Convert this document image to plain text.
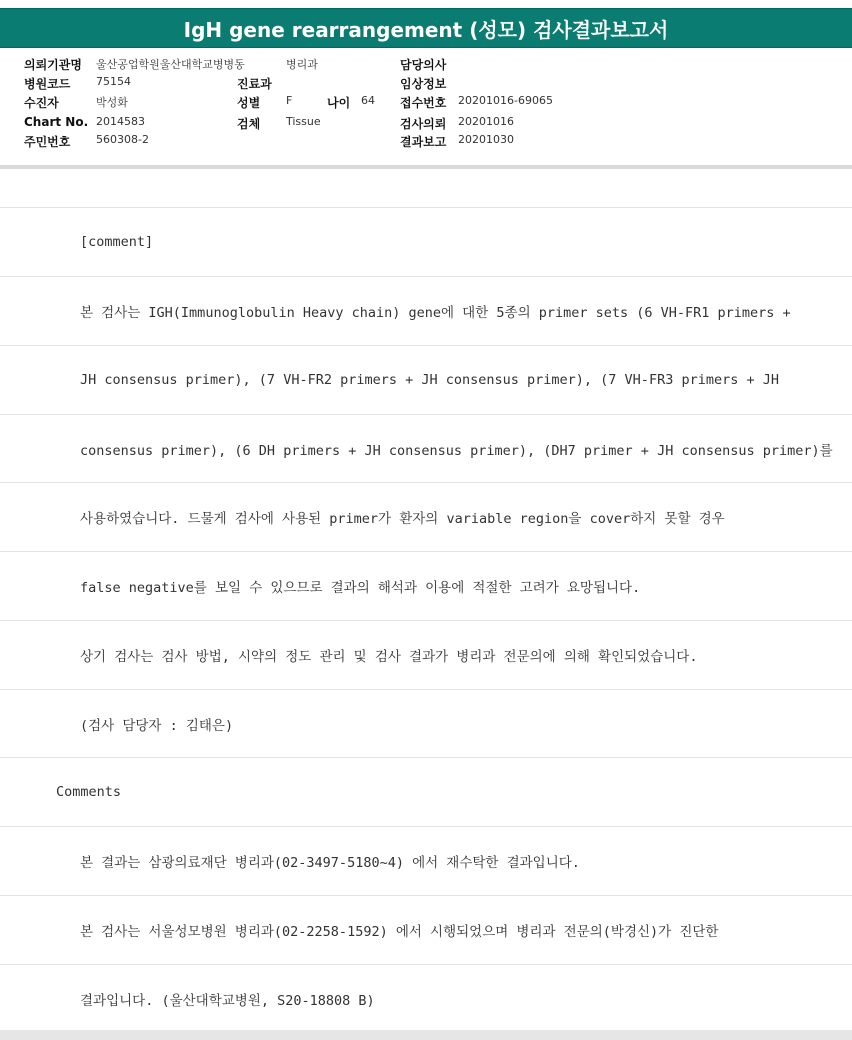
IgH gene rearrangement (성모) 검사결과보고서
의뢰기관명 울산공업학원울산대학교병병동	병리과	담당의사
병원코드 75154	진료과	임상정보
수진자	박성화	성별 F	나이 64 접수번호 20201016-69065
Chart No. 2014583	검체 Tissue	검사의뢰 20201016
주민번호 560308-2	결과보고 20201030
[comment]
본 검사는 IGH(Immunoglobulin Heavy chain) gene에 대한 5종의 primer sets (6 VH-FR1 primers +
JH consensus primer), (7 VH-FR2 primers + JH consensus primer), (7 VH-FR3 primers + JH
consensus primer), (6 DH primers + JH consensus primer), (DH7 primer + JH consensus primer)를
사용하였습니다. 드물게 검사에 사용된 primer가 환자의 variable region을 cover하지 못할 경우
false negative를 보일 수 있으므로 결과의 해석과 이용에 적절한 고려가 요망됩니다.
상기 검사는 검사 방법, 시약의 정도 관리 및 검사 결과가 병리과 전문의에 의해 확인되었습니다.
(검사 담당자 : 김태은)
Comments
본 결과는 삼광의료재단 병리과(02-3497-5180~4) 에서 재수탁한 결과입니다.
본 검사는 서울성모병원 병리과(02-2258-1592) 에서 시행되었으며 병리과 전문의(박경신)가 진단한
결과입니다. (울산대학교병원, S20-18808 B)
